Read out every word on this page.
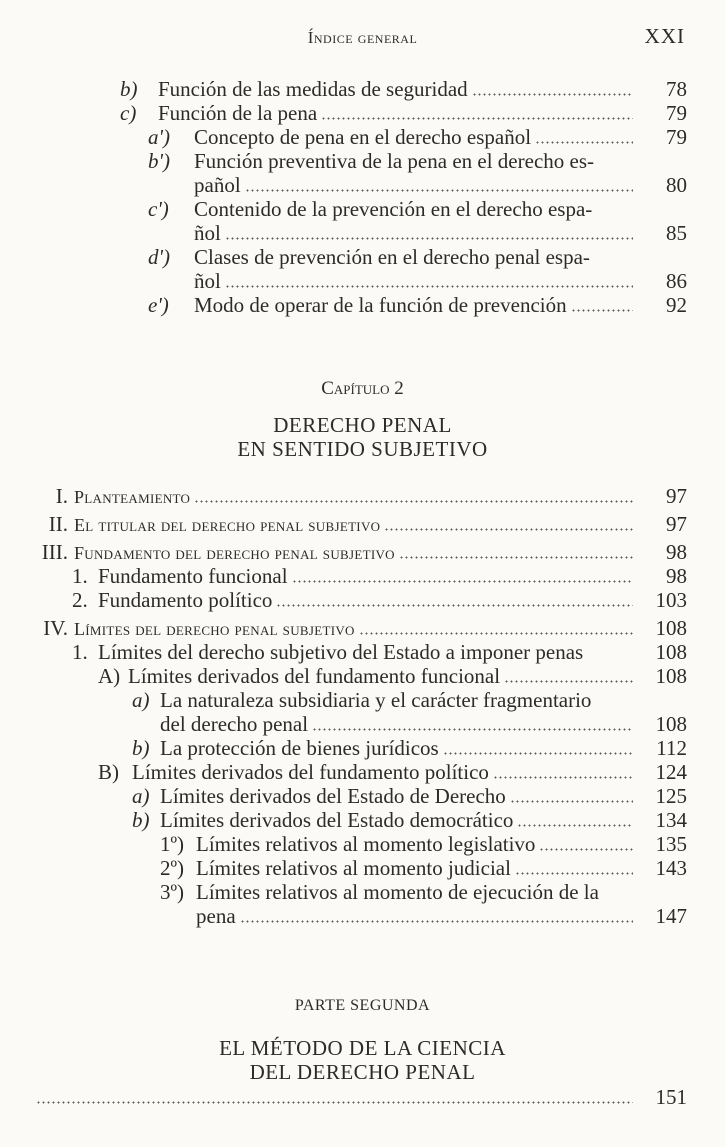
Índice general	XXI
b) Función de las medidas de seguridad	78
c)	Función de la pena	79
a')	Concepto de pena en el derecho español	79
b')	Función preventiva de la pena en el derecho es-
pañol	80
c')	Contenido de la prevención en el derecho espa-
ñol	85
d')	Clases de prevención en el derecho penal espa-
ñol	86
e')	Modo de operar de la función de prevención	92
Capítulo 2
DERECHO PENAL
EN SENTIDO SUBJETIVO
I. Planteamiento	97
II. El titular del derecho penal subjetivo	97
III. Fundamento del derecho penal subjetivo	98
1. Fundamento funcional	98
2. Fundamento político	103
IV. Límites del derecho penal subjetivo	108
1. Límites del derecho subjetivo del Estado a imponer penas	108
A) Límites derivados del fundamento funcional	108
a) La naturaleza subsidiaria y el carácter fragmentario
del derecho penal	108
b) La protección de bienes jurídicos	112
B) Límites derivados del fundamento político	124
a) Límites derivados del Estado de Derecho	125
b) Límites derivados del Estado democrático	134
1º) Límites relativos al momento legislativo	135
2º) Límites relativos al momento judicial	143
3º) Límites relativos al momento de ejecución de la
pena	147
PARTE SEGUNDA
EL MÉTODO DE LA CIENCIA
DEL DERECHO PENAL
151
